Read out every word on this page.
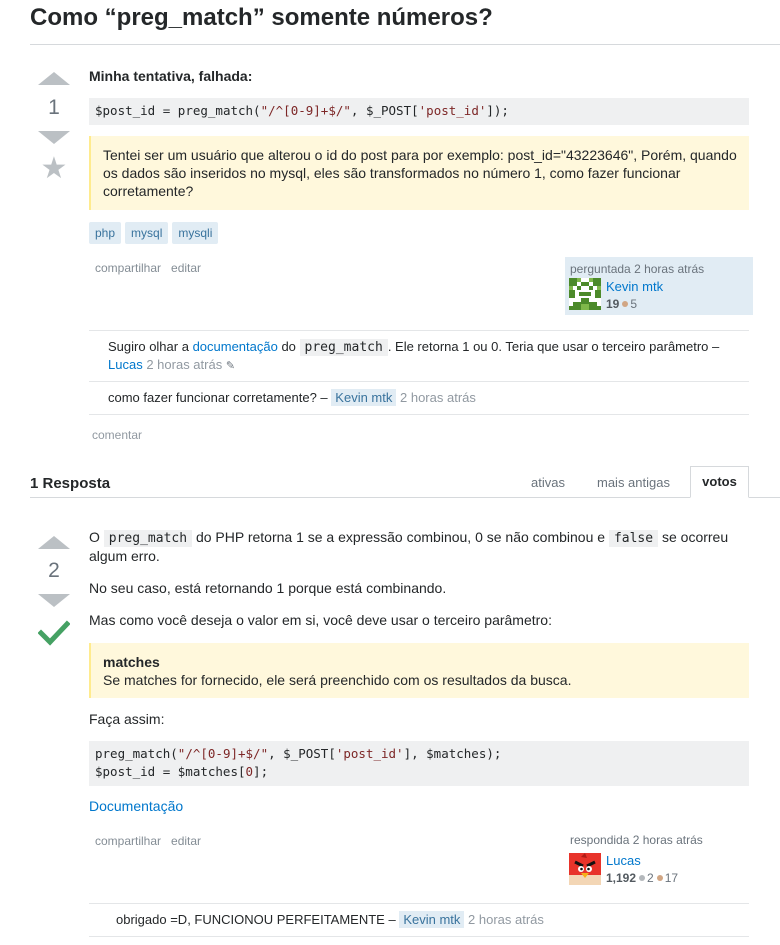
Como “preg_match” somente números?
1
★
Minha tentativa, falhada:
$post_id = preg_match("/^[0-9]+$/", $_POST['post_id']);
Tentei ser um usuário que alterou o id do post para por exemplo: post_id="43223646", Porém, quando os dados são inseridos no mysql, eles são transformados no número 1, como fazer funcionar corretamente?
php mysql mysqli
compartilhar editar	perguntada 2 horas atrás
Kevin mtk
19 5
Sugiro olhar a documentação do preg_match . Ele retorna 1 ou 0. Teria que usar o terceiro parâmetro –
Lucas 2 horas atrás ✎
como fazer funcionar corretamente? – Kevin mtk 2 horas atrás
comentar
1 Resposta	ativas mais antigas	votos
2
O preg_match do PHP retorna 1 se a expressão combinou, 0 se não combinou e false se ocorreu
algum erro.
No seu caso, está retornando 1 porque está combinando.
Mas como você deseja o valor em si, você deve usar o terceiro parâmetro:
matches
Se matches for fornecido, ele será preenchido com os resultados da busca.
Faça assim:
preg_match("/^[0-9]+$/", $_POST['post_id'], $matches);
$post_id = $matches[0];
Documentação
compartilhar editar	respondida 2 horas atrás
Lucas
1,192 2 17
obrigado =D, FUNCIONOU PERFEITAMENTE – Kevin mtk 2 horas atrás
